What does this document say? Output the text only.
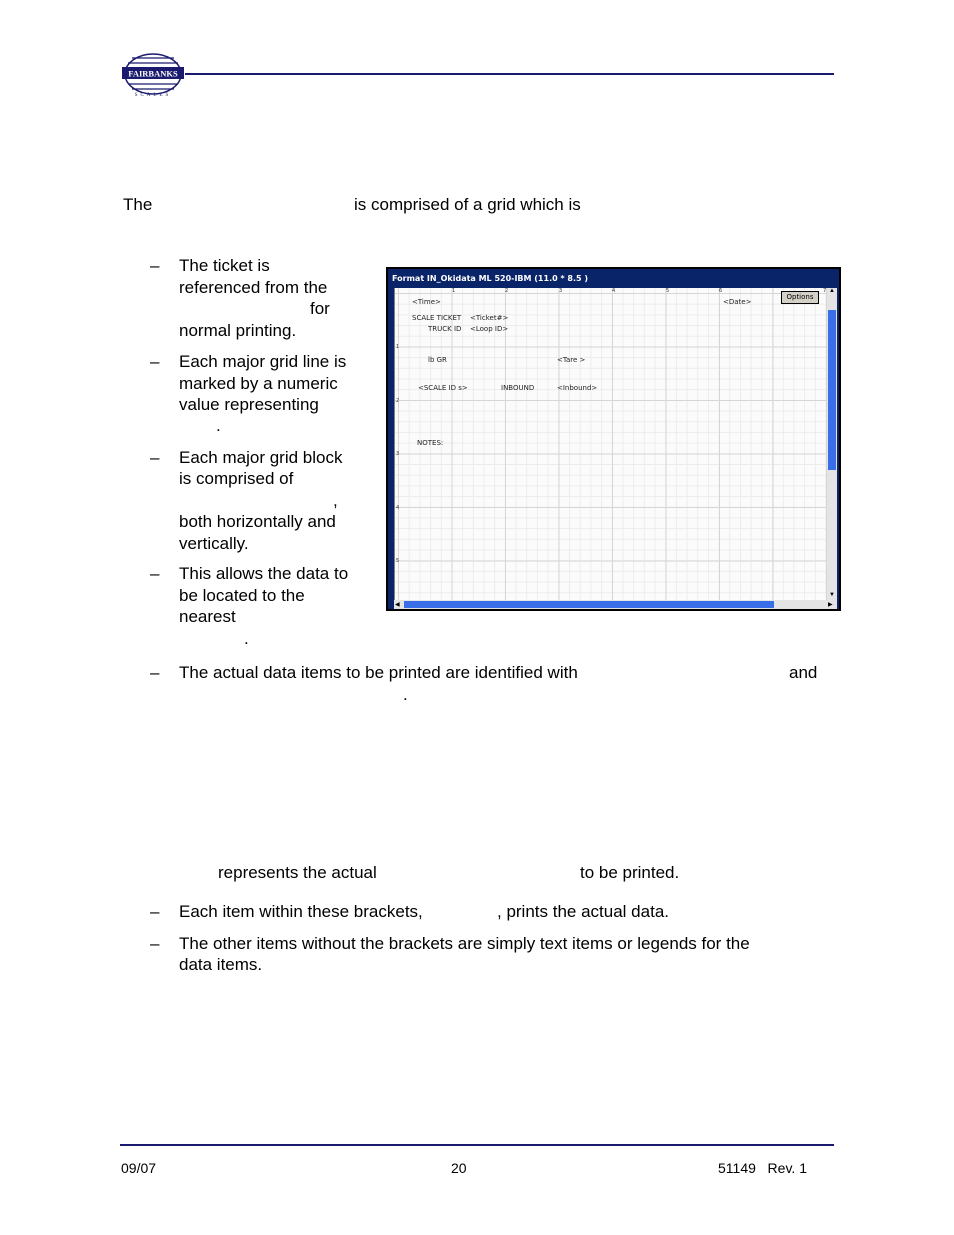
FAIRBANKS
SCALES
The	is comprised of a grid which is
– The ticket is
referenced from the
for
normal printing.
– Each major grid line is
marked by a numeric
value representing
.
– Each major grid block
is comprised of
,
both horizontally and
vertically.
– This allows the data to
be located to the
nearest
.
Format IN_Okidata ML 520-IBM (11.0 * 8.5 )
1	2	3	4	5	6	7
1
2
3
4
5
<Time>	<Date>
SCALE TICKET <Ticket#>
TRUCK ID <Loop ID>
lb GR	<Tare >
<SCALE ID s>	INBOUND	<Inbound>
NOTES:
Options
▲
▼
◀	▶
– The actual data items to be printed are identified with	and
.
represents the actual	to be printed.
– Each item within these brackets,	, prints the actual data.
– The other items without the brackets are simply text items or legends for the
data items.
09/07	20	51149   Rev. 1
